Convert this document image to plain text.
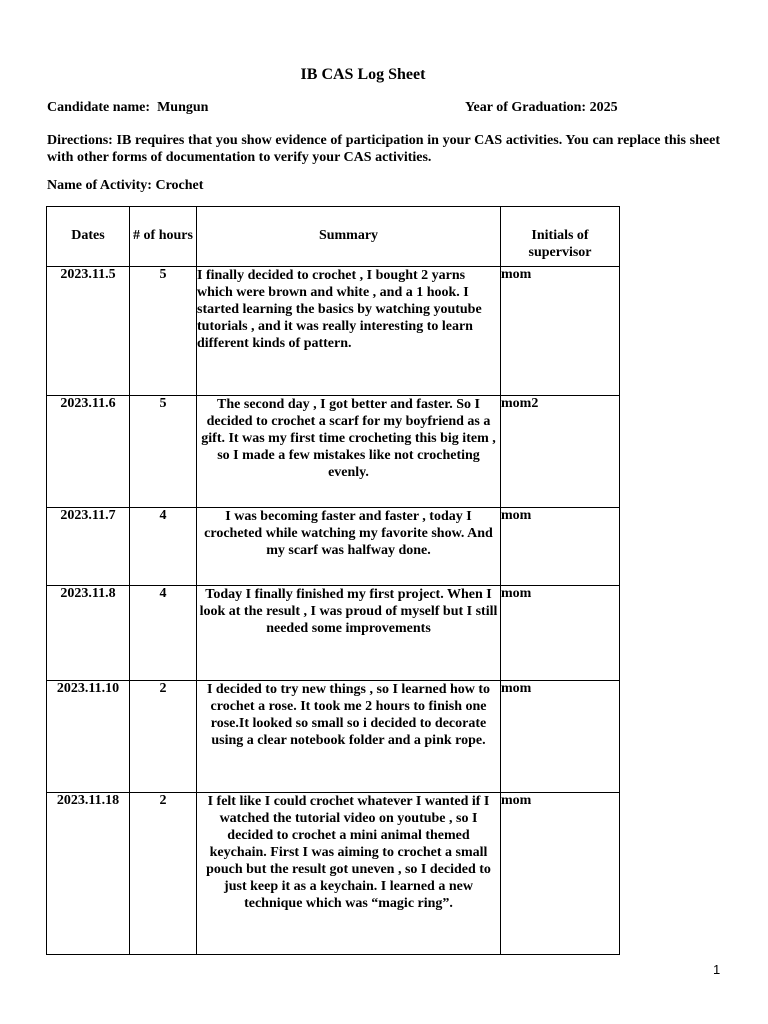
IB CAS Log Sheet
Candidate name: Mungun	Year of Graduation: 2025
Directions: IB requires that you show evidence of participation in your CAS activities. You can replace this sheet with other forms of documentation to verify your CAS activities.
Name of Activity: Crochet
Dates	# of hours	Summary	Initials of supervisor
2023.11.5	5	I finally decided to crochet , I bought 2 yarns which were brown and white , and a 1 hook. I started learning the basics by watching youtube tutorials , and it was really interesting to learn different kinds of pattern.	mom
2023.11.6	5	The second day , I got better and faster. So I decided to crochet a scarf for my boyfriend as a gift. It was my first time crocheting this big item , so I made a few mistakes like not crocheting evenly.	mom2
2023.11.7	4	I was becoming faster and faster , today I crocheted while watching my favorite show. And my scarf was halfway done.	mom
2023.11.8	4	Today I finally finished my first project. When I look at the result , I was proud of myself but I still needed some improvements	mom
2023.11.10	2	I decided to try new things , so I learned how to crochet a rose. It took me 2 hours to finish one rose.It looked so small so i decided to decorate using a clear notebook folder and a pink rope.	mom
2023.11.18	2	I felt like I could crochet whatever I wanted if I watched the tutorial video on youtube , so I decided to crochet a mini animal themed keychain. First I was aiming to crochet a small pouch but the result got uneven , so I decided to just keep it as a keychain. I learned a new technique which was “magic ring”.	mom
1
